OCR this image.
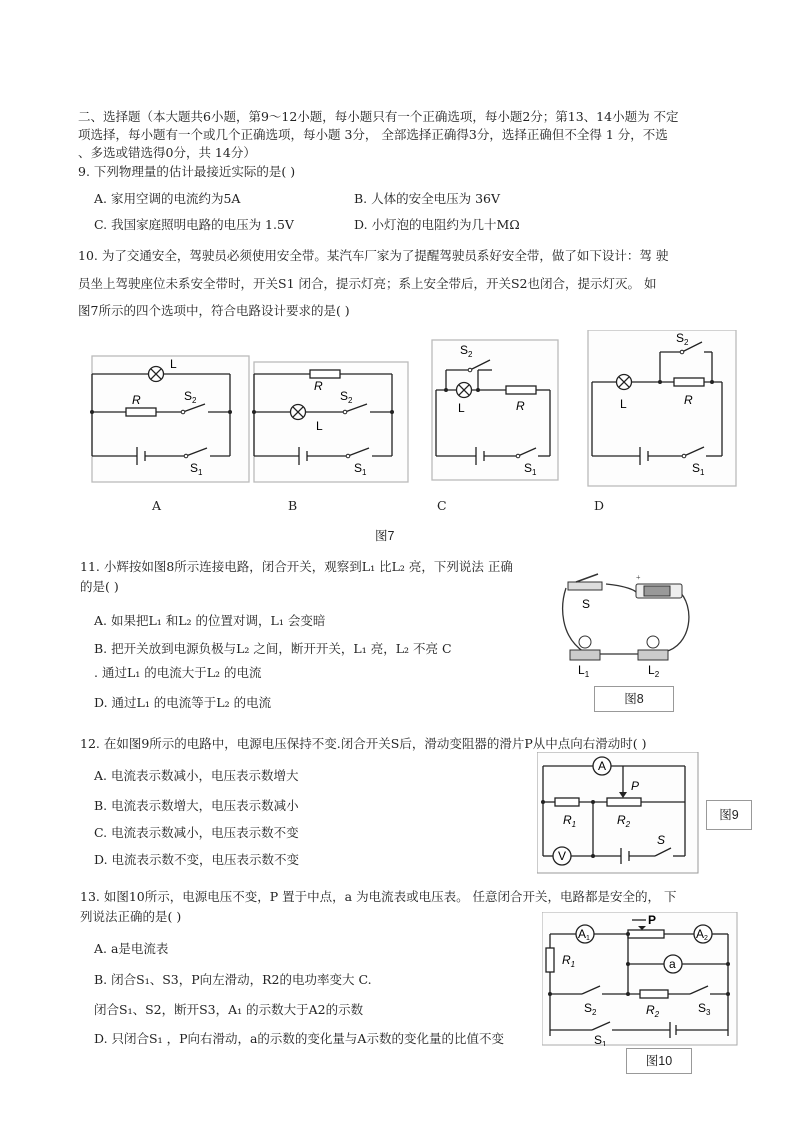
二、选择题（本大题共6小题，第9～12小题，每小题只有一个正确选项，每小题2分；第13、14小题为 不定
项选择，每小题有一个或几个正确选项，每小题 3分， 全部选择正确得3分，选择正确但不全得 1 分，不选
、多选或错选得0分，共 14分）
9. 下列物理量的估计最接近实际的是( )
A. 家用空调的电流约为5A	B. 人体的安全电压为 36V
C. 我国家庭照明电路的电压为 1.5V	D. 小灯泡的电阻约为几十MΩ
10. 为了交通安全，驾驶员必须使用安全带。某汽车厂家为了提醒驾驶员系好安全带，做了如下设计：驾 驶
员坐上驾驶座位未系安全带时，开关S1 闭合，提示灯亮；系上安全带后，开关S2也闭合，提示灯灭。 如
图7所示的四个选项中，符合电路设计要求的是( )
L
R	$S_2$
$S_1$
R
L
$S_2$
$S_1$
$S_2$
L	R
$S_1$
$S_2$
L	R
$S_1$
A	B	C	D
图7
11. 小辉按如图8所示连接电路，闭合开关，观察到L₁ 比L₂ 亮，下列说法 正确
的是( )
A. 如果把L₁ 和L₂ 的位置对调，L₁ 会变暗
B. 把开关放到电源负极与L₂ 之间，断开开关，L₁ 亮，L₂ 不亮 C
. 通过L₁ 的电流大于L₂ 的电流
D. 通过L₁ 的电流等于L₂ 的电流
+
S
$L_1$	$L_2$
图8
12. 在如图9所示的电路中，电源电压保持不变.闭合开关S后，滑动变阻器的滑片P从中点向右滑动时( )
A. 电流表示数减小，电压表示数增大
B. 电流表示数增大，电压表示数减小
C. 电流表示数减小，电压表示数不变
D. 电流表示数不变，电压表示数不变
A
V
P
$R_1$	$R_2$
S
图9
13. 如图10所示，电源电压不变，P 置于中点，a 为电流表或电压表。 任意闭合开关，电路都是安全的， 下
列说法正确的是( )
A. a是电流表
B. 闭合S₁、S3，P向左滑动，R2的电功率变大 C.
闭合S₁、S2，断开S3，A₁ 的示数大于A2的示数
D. 只闭合S₁ ，P向右滑动，a的示数的变化量与A示数的变化量的比值不变
A1	A2
a
P
$R_1$
$R_2$
$S_2$	$S_3$
$S_1$
图10
